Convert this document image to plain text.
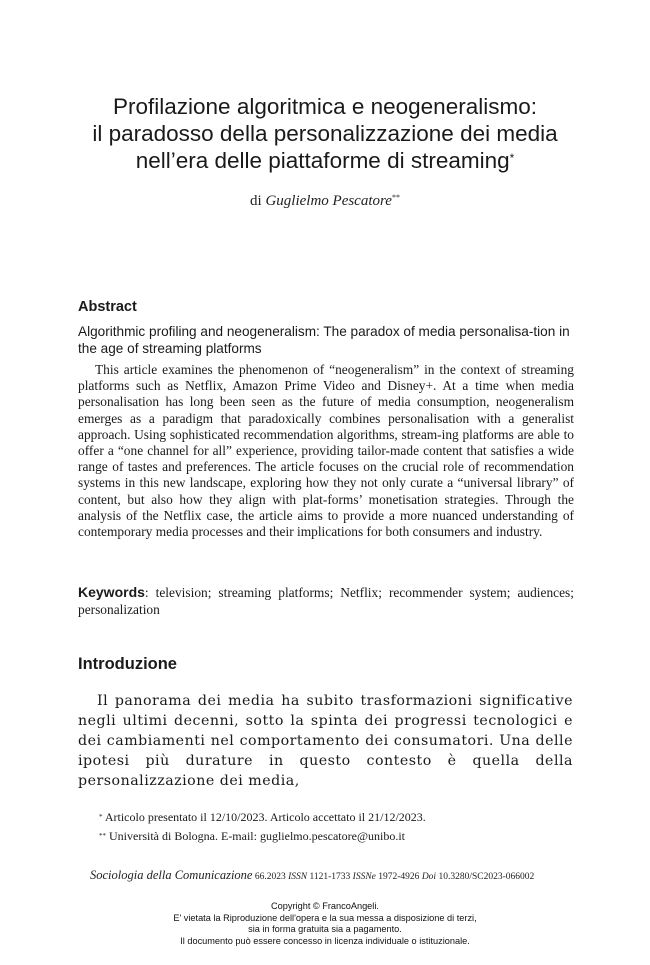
Profilazione algoritmica e neogeneralismo:
il paradosso della personalizzazione dei media
nell’era delle piattaforme di streaming*
di Guglielmo Pescatore**
Abstract
Algorithmic profiling and neogeneralism: The paradox of media personalisa-tion in the age of streaming platforms
This article examines the phenomenon of “neogeneralism” in the context of streaming platforms such as Netflix, Amazon Prime Video and Disney+. At a time when media personalisation has long been seen as the future of media consumption, neogeneralism emerges as a paradigm that paradoxically combines personalisation with a generalist approach. Using sophisticated recommendation algorithms, stream-ing platforms are able to offer a “one channel for all” experience, providing tailor-made content that satisfies a wide range of tastes and preferences. The article focuses on the crucial role of recommendation systems in this new landscape, exploring how they not only curate a “universal library” of content, but also how they align with plat-forms’ monetisation strategies. Through the analysis of the Netflix case, the article aims to provide a more nuanced understanding of contemporary media processes and their implications for both consumers and industry.
Keywords: television; streaming platforms; Netflix; recommender system; audiences; personalization
Introduzione
Il panorama dei media ha subito trasformazioni significative negli ultimi decenni, sotto la spinta dei progressi tecnologici e dei cambiamenti nel comportamento dei consumatori. Una delle ipotesi più durature in questo contesto è quella della personalizzazione dei media,
* Articolo presentato il 12/10/2023. Articolo accettato il 21/12/2023.
** Università di Bologna. E-mail: guglielmo.pescatore@unibo.it
Sociologia della Comunicazione 66.2023 ISSN 1121-1733 ISSNe 1972-4926 Doi 10.3280/SC2023-066002
Copyright © FrancoAngeli.
E' vietata la Riproduzione dell'opera e la sua messa a disposizione di terzi,
sia in forma gratuita sia a pagamento.
Il documento può essere concesso in licenza individuale o istituzionale.
